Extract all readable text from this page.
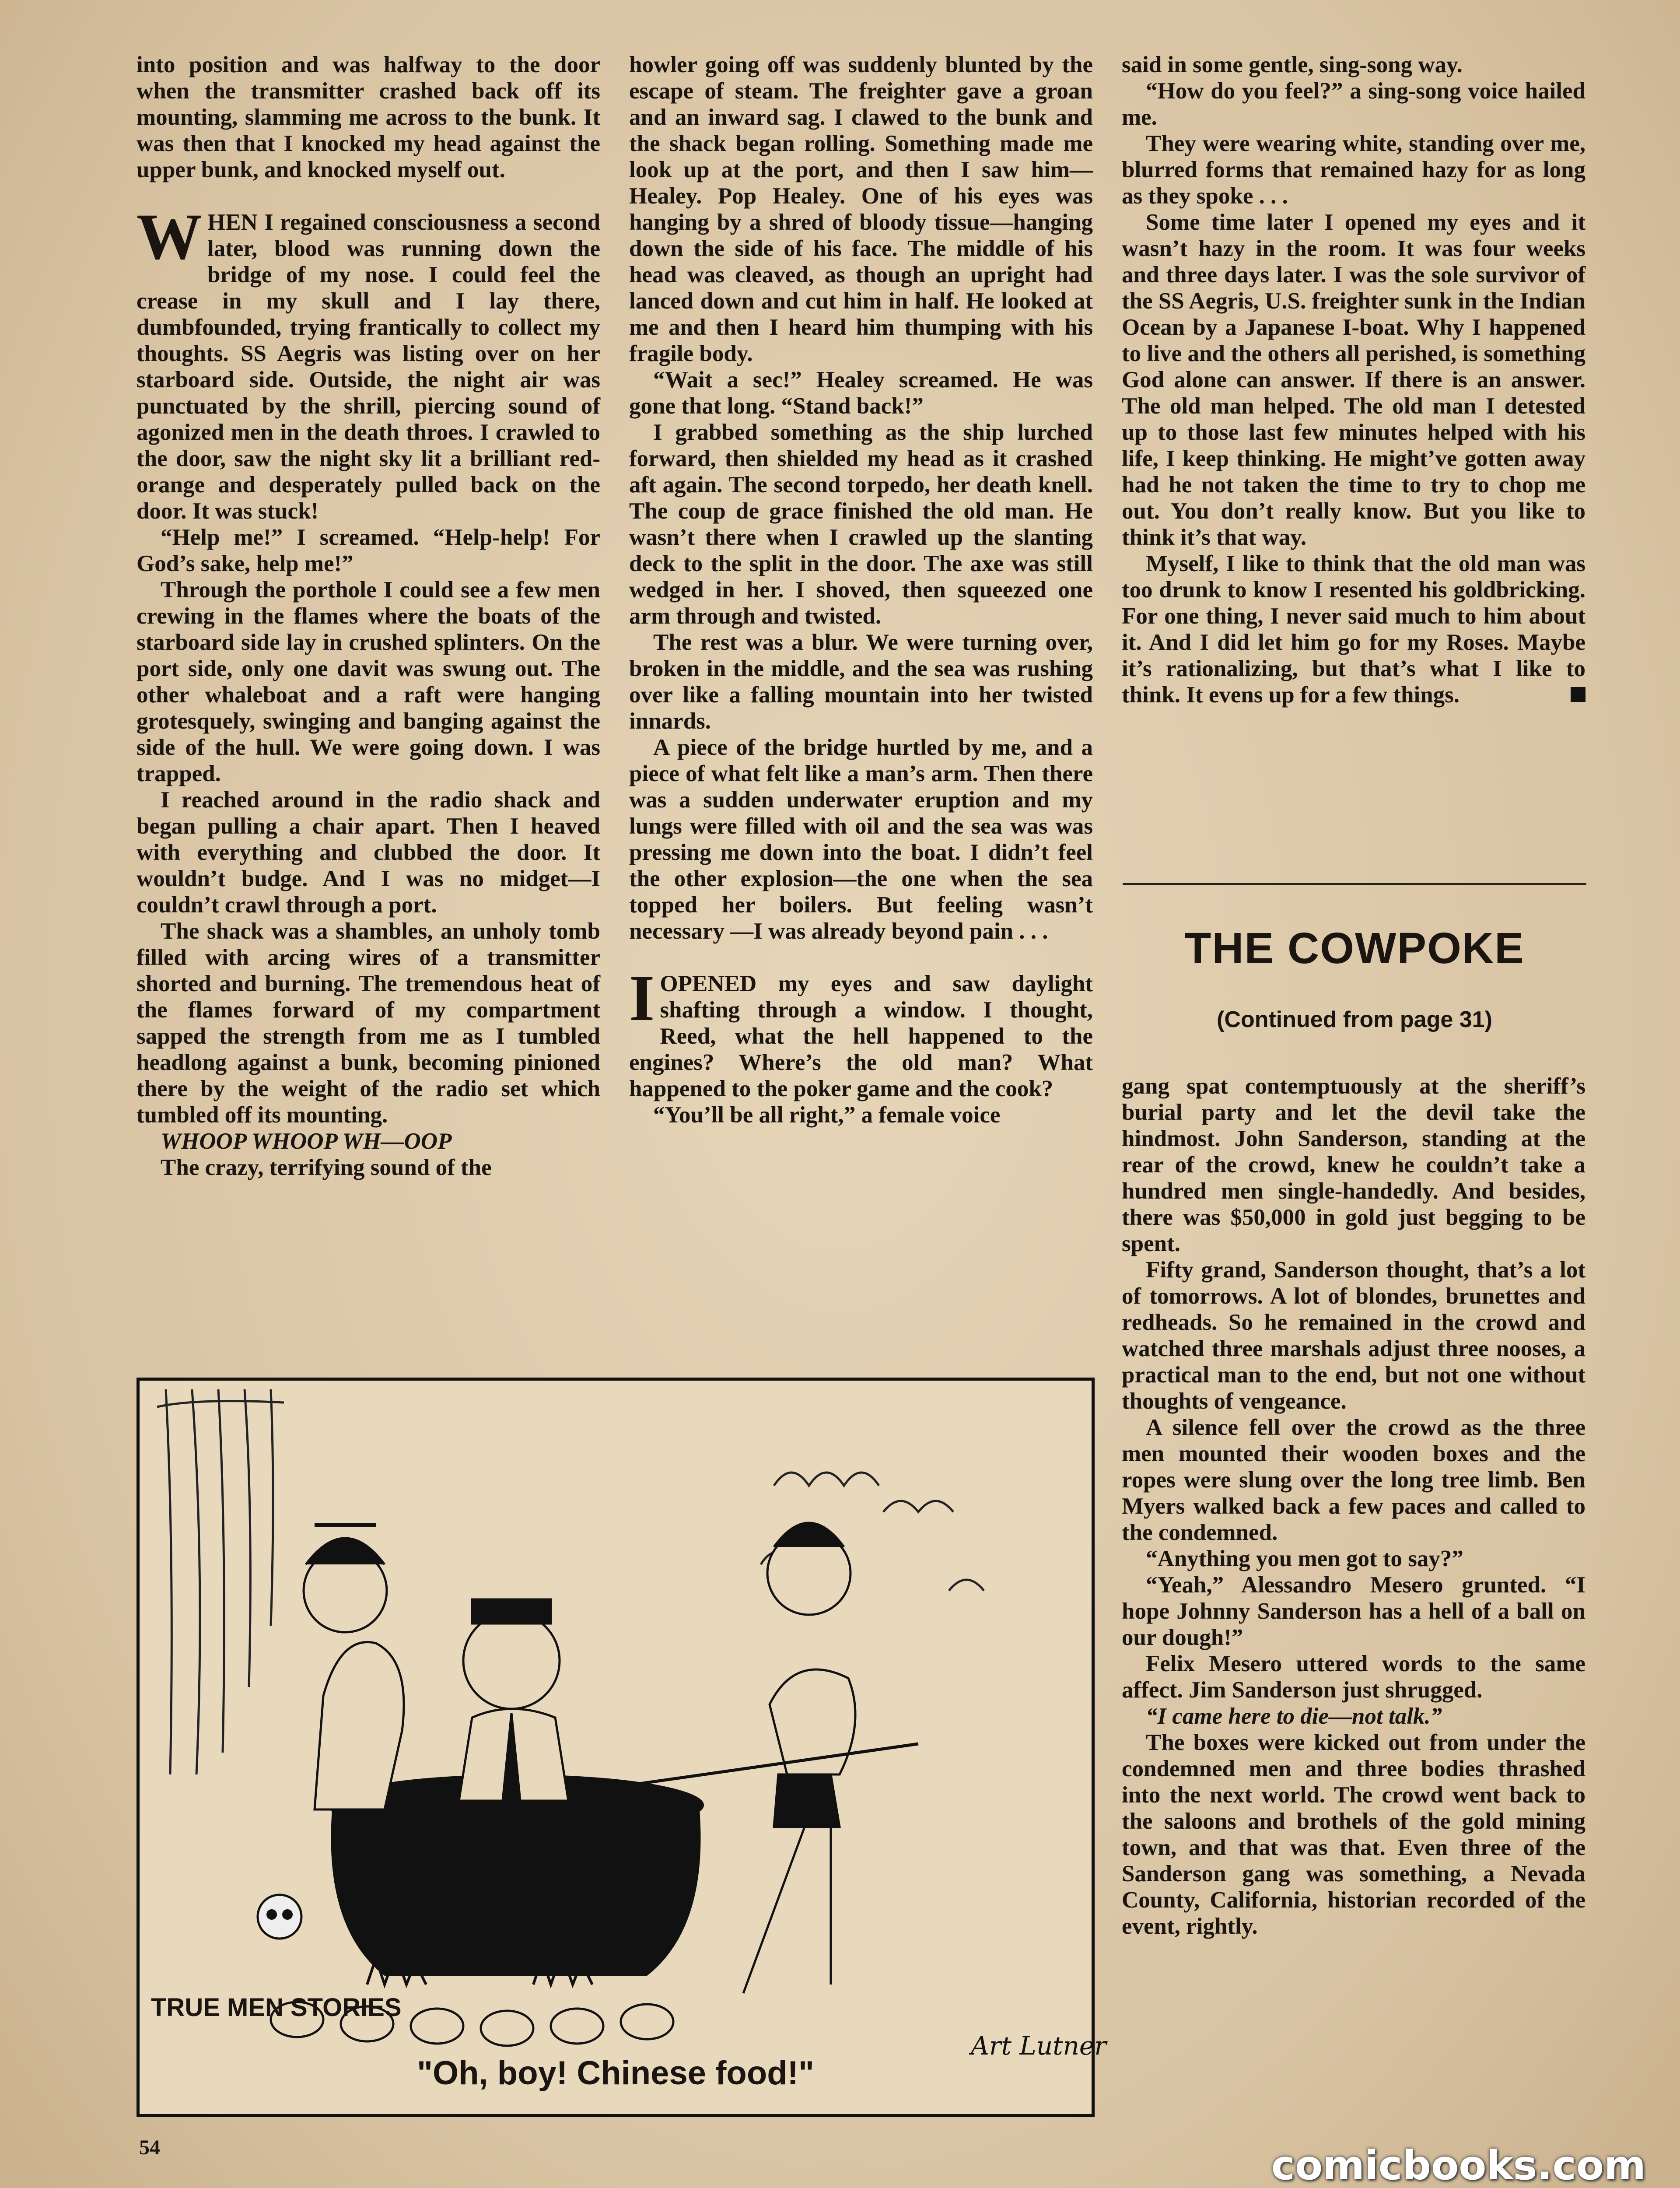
into position and was halfway to the door when the transmitter crashed back off its mounting, slamming me across to the bunk. It was then that I knocked my head against the upper bunk, and knocked myself out.

WHEN I regained consciousness a second later, blood was running down the bridge of my nose. I could feel the crease in my skull and I lay there, dumbfounded, trying frantically to collect my thoughts. SS Aegris was listing over on her starboard side. Outside, the night air was punctuated by the shrill, piercing sound of agonized men in the death throes. I crawled to the door, saw the night sky lit a brilliant red-orange and desperately pulled back on the door. It was stuck!

“Help me!” I screamed. “Help-help! For God’s sake, help me!”

Through the porthole I could see a few men crewing in the flames where the boats of the starboard side lay in crushed splinters. On the port side, only one davit was swung out. The other whaleboat and a raft were hanging grotesquely, swinging and banging against the side of the hull. We were going down. I was trapped.

I reached around in the radio shack and began pulling a chair apart. Then I heaved with everything and clubbed the door. It wouldn’t budge. And I was no midget—I couldn’t crawl through a port.

The shack was a shambles, an unholy tomb filled with arcing wires of a transmitter shorted and burning. The tremendous heat of the flames forward of my compartment sapped the strength from me as I tumbled headlong against a bunk, becoming pinioned there by the weight of the radio set which tumbled off its mounting.

WHOOP WHOOP WH—OOP

The crazy, terrifying sound of the

howler going off was suddenly blunted by the escape of steam. The freighter gave a groan and an inward sag. I clawed to the bunk and the shack began rolling. Something made me look up at the port, and then I saw him—Healey. Pop Healey. One of his eyes was hanging by a shred of bloody tissue—hanging down the side of his face. The middle of his head was cleaved, as though an upright had lanced down and cut him in half. He looked at me and then I heard him thumping with his fragile body.

“Wait a sec!” Healey screamed. He was gone that long. “Stand back!”

I grabbed something as the ship lurched forward, then shielded my head as it crashed aft again. The second torpedo, her death knell. The coup de grace finished the old man. He wasn’t there when I crawled up the slanting deck to the split in the door. The axe was still wedged in her. I shoved, then squeezed one arm through and twisted.

The rest was a blur. We were turning over, broken in the middle, and the sea was rushing over like a falling mountain into her twisted innards.

A piece of the bridge hurtled by me, and a piece of what felt like a man’s arm. Then there was a sudden underwater eruption and my lungs were filled with oil and the sea was was pressing me down into the boat. I didn’t feel the other explosion—the one when the sea topped her boilers. But feeling wasn’t necessary —I was already beyond pain . . .

IOPENED my eyes and saw daylight shafting through a window. I thought, Reed, what the hell happened to the engines? Where’s the old man? What happened to the poker game and the cook?

“You’ll be all right,” a female voice

said in some gentle, sing-song way.

“How do you feel?” a sing-song voice hailed me.

They were wearing white, standing over me, blurred forms that remained hazy for as long as they spoke . . .

Some time later I opened my eyes and it wasn’t hazy in the room. It was four weeks and three days later. I was the sole survivor of the SS Aegris, U.S. freighter sunk in the Indian Ocean by a Japanese I-boat. Why I happened to live and the others all perished, is something God alone can answer. If there is an answer. The old man helped. The old man I detested up to those last few minutes helped with his life, I keep thinking. He might’ve gotten away had he not taken the time to try to chop me out. You don’t really know. But you like to think it’s that way.

Myself, I like to think that the old man was too drunk to know I resented his goldbricking. For one thing, I never said much to him about it. And I did let him go for my Roses. Maybe it’s rationalizing, but that’s what I like to think. It evens up for a few things.

THE COWPOKE
(Continued from page 31)

gang spat contemptuously at the sheriff’s burial party and let the devil take the hindmost. John Sanderson, standing at the rear of the crowd, knew he couldn’t take a hundred men single-handedly. And besides, there was $50,000 in gold just begging to be spent.

Fifty grand, Sanderson thought, that’s a lot of tomorrows. A lot of blondes, brunettes and redheads. So he remained in the crowd and watched three marshals adjust three nooses, a practical man to the end, but not one without thoughts of vengeance.

A silence fell over the crowd as the three men mounted their wooden boxes and the ropes were slung over the long tree limb. Ben Myers walked back a few paces and called to the condemned.

“Anything you men got to say?”

“Yeah,” Alessandro Mesero grunted. “I hope Johnny Sanderson has a hell of a ball on our dough!”

Felix Mesero uttered words to the same affect. Jim Sanderson just shrugged.

“I came here to die—not talk.”

The boxes were kicked out from under the condemned men and three bodies thrashed into the next world. The crowd went back to the saloons and brothels of the gold mining town, and that was that. Even three of the Sanderson gang was something, a Nevada County, California, historian recorded of the event, rightly.

Art Lutner
TRUE MEN STORIES
"Oh, boy! Chinese food!"
54	comicbooks.com
